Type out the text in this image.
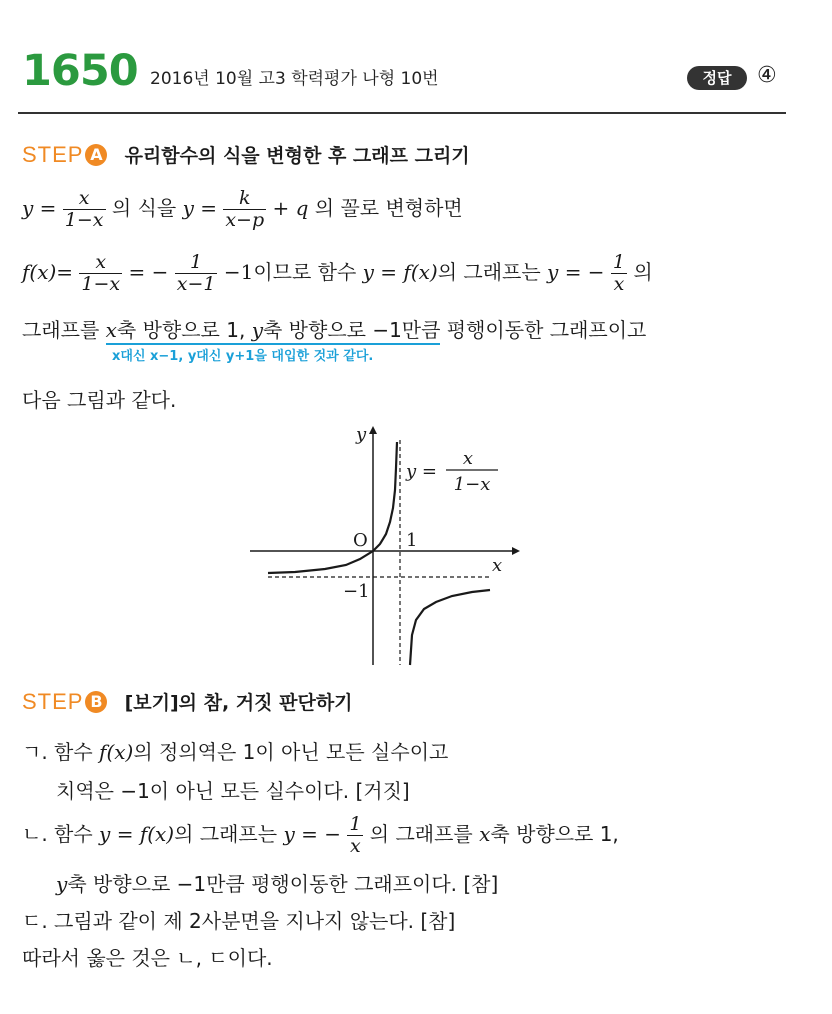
1650 2016년 10월 고3 학력평가 나형 10번	정답	④
STEP A 유리함수의 식을 변형한 후 그래프 그리기
$y = \frac{x}{1-x}$ 의 식을 $y = \frac{k}{x-p} + q$ 의 꼴로 변형하면
$f(x)= \frac{x}{1-x}$ = − $\frac{1}{x-1} -1$이므로 함수 y = f(x)의 그래프는 y = − $\frac{1}{x}$ 의
그래프를 x축 방향으로 1, y축 방향으로 −1만큼 평행이동한 그래프이고
x대신 x−1, y대신 y+1을 대입한 것과 같다.
다음 그림과 같다.
y
x
O 1
−1
y =
x
1−x
STEP B [보기]의 참, 거짓 판단하기
ㄱ. 함수 f(x)의 정의역은 1이 아닌 모든 실수이고
치역은 −1이 아닌 모든 실수이다. [거짓]
ㄴ. 함수 y = f(x)의 그래프는 y = − $\frac{1}{x}$ 의 그래프를 x축 방향으로 1,
y축 방향으로 −1만큼 평행이동한 그래프이다. [참]
ㄷ. 그림과 같이 제 2사분면을 지나지 않는다. [참]
따라서 옳은 것은 ㄴ, ㄷ이다.
